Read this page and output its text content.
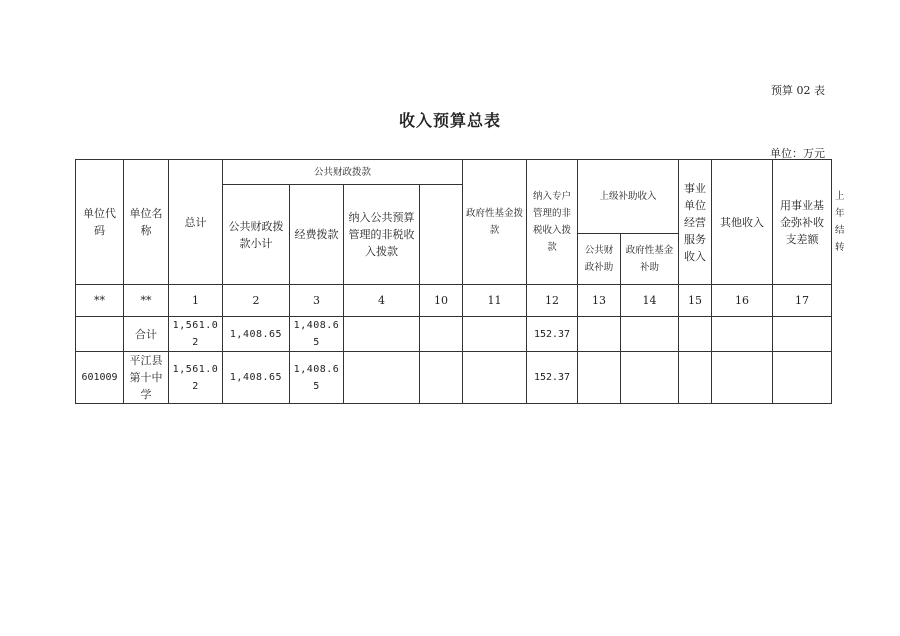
预算 02 表
收入预算总表
单位：万元
单位代码	单位名称	总计	公共财政拨款				政府性基金拨款	纳入专户管理的非税收入拨款	上级补助收入		事业单位经营服务收入	其他收入	用事业基金弥补收支差额	上年结转
			公共财政拨款小计	经费拨款	纳入公共预算管理的非税收入拨款									
									公共财政补助	政府性基金补助				
**	**	1	2	3	4	10	11	12	13	14	15	16	17	
	合计	1,561.02	1,408.65	1,408.65				152.37						
601009	平江县第十中学	1,561.02	1,408.65	1,408.65				152.37						
